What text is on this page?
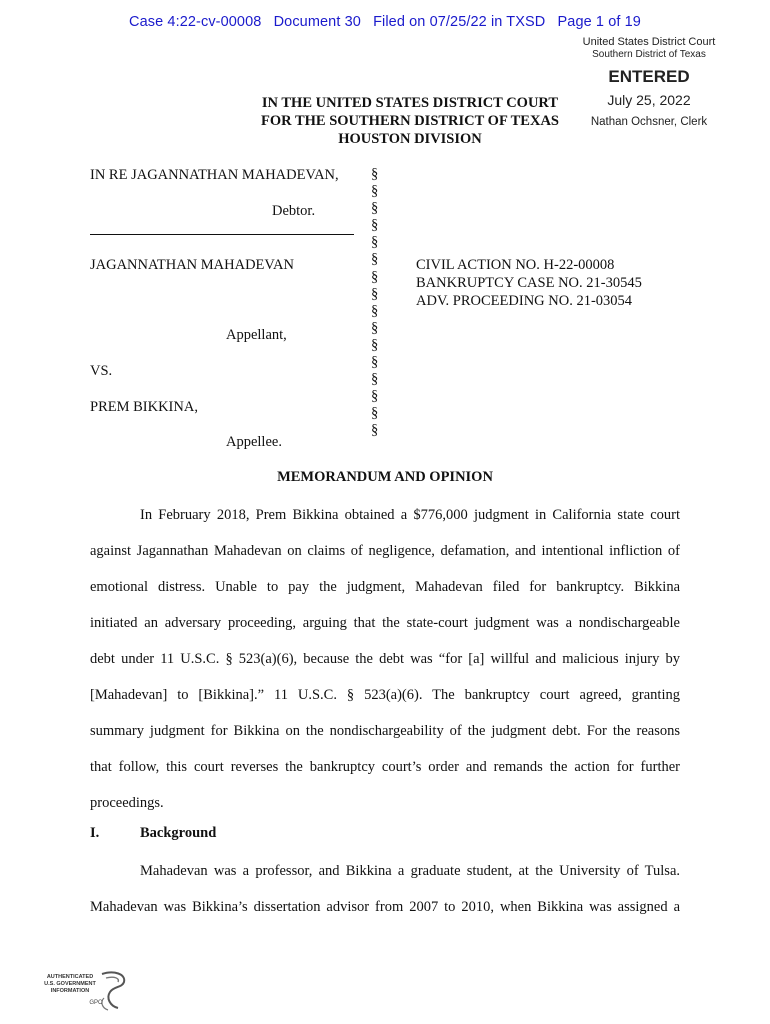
Case 4:22-cv-00008 Document 30 Filed on 07/25/22 in TXSD Page 1 of 19
United States District Court
Southern District of Texas
ENTERED
July 25, 2022
Nathan Ochsner, Clerk
IN THE UNITED STATES DISTRICT COURT
FOR THE SOUTHERN DISTRICT OF TEXAS
HOUSTON DIVISION
IN RE JAGANNATHAN MAHADEVAN,
Debtor.
JAGANNATHAN MAHADEVAN
Appellant,
VS.
PREM BIKKINA,
Appellee.
§
§
§
§
§
§
§
§
§
§
§
§
§
§
§
§
CIVIL ACTION NO. H-22-00008
BANKRUPTCY CASE NO. 21-30545
ADV. PROCEEDING NO. 21-03054
MEMORANDUM AND OPINION
In February 2018, Prem Bikkina obtained a $776,000 judgment in California state court
against Jagannathan Mahadevan on claims of negligence, defamation, and intentional infliction of
emotional distress. Unable to pay the judgment, Mahadevan filed for bankruptcy. Bikkina
initiated an adversary proceeding, arguing that the state-court judgment was a nondischargeable
debt under 11 U.S.C. § 523(a)(6), because the debt was “for [a] willful and malicious injury by
[Mahadevan] to [Bikkina].” 11 U.S.C. § 523(a)(6). The bankruptcy court agreed, granting
summary judgment for Bikkina on the nondischargeability of the judgment debt. For the reasons
that follow, this court reverses the bankruptcy court’s order and remands the action for further
proceedings.
I.	Background
Mahadevan was a professor, and Bikkina a graduate student, at the University of Tulsa.
Mahadevan was Bikkina’s dissertation advisor from 2007 to 2010, when Bikkina was assigned a
AUTHENTICATED
U.S. GOVERNMENT
INFORMATION
GPO
